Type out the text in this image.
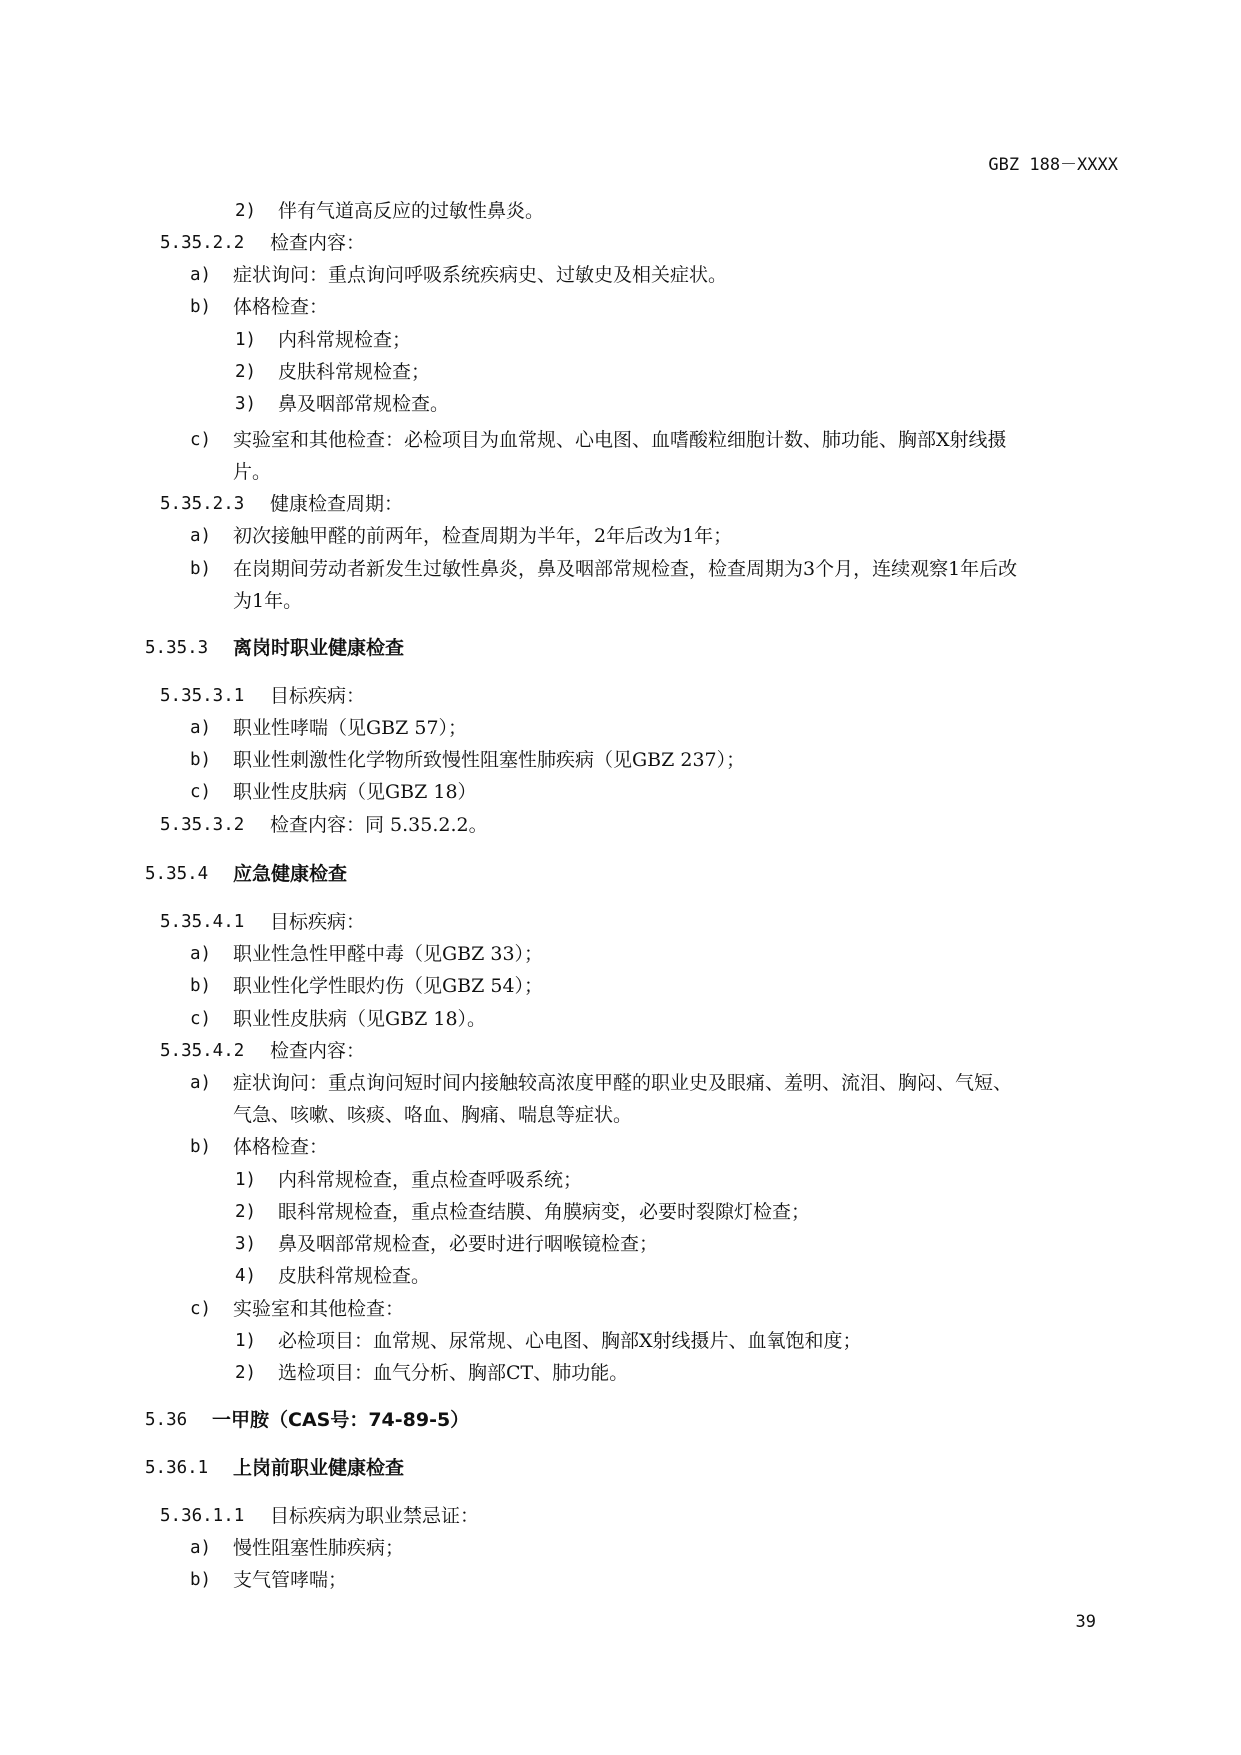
GBZ 188－XXXX
2) 伴有气道高反应的过敏性鼻炎。
5.35.2.2 检查内容：
a) 症状询问：重点询问呼吸系统疾病史、过敏史及相关症状。
b) 体格检查：
1) 内科常规检查；
2) 皮肤科常规检查；
3) 鼻及咽部常规检查。
c) 实验室和其他检查：必检项目为血常规、心电图、血嗜酸粒细胞计数、肺功能、胸部X射线摄
片。
5.35.2.3 健康检查周期：
a) 初次接触甲醛的前两年，检查周期为半年，2年后改为1年；
b) 在岗期间劳动者新发生过敏性鼻炎，鼻及咽部常规检查，检查周期为3个月，连续观察1年后改
为1年。
5.35.3 离岗时职业健康检查
5.35.3.1 目标疾病：
a) 职业性哮喘（见GBZ 57）；
b) 职业性刺激性化学物所致慢性阻塞性肺疾病（见GBZ 237）；
c) 职业性皮肤病（见GBZ 18）
5.35.3.2 检查内容：同 5.35.2.2。
5.35.4 应急健康检查
5.35.4.1 目标疾病：
a) 职业性急性甲醛中毒（见GBZ 33）；
b) 职业性化学性眼灼伤（见GBZ 54）；
c) 职业性皮肤病（见GBZ 18）。
5.35.4.2 检查内容：
a) 症状询问：重点询问短时间内接触较高浓度甲醛的职业史及眼痛、羞明、流泪、胸闷、气短、
气急、咳嗽、咳痰、咯血、胸痛、喘息等症状。
b) 体格检查：
1) 内科常规检查，重点检查呼吸系统；
2) 眼科常规检查，重点检查结膜、角膜病变，必要时裂隙灯检查；
3) 鼻及咽部常规检查，必要时进行咽喉镜检查；
4) 皮肤科常规检查。
c) 实验室和其他检查：
1) 必检项目：血常规、尿常规、心电图、胸部X射线摄片、血氧饱和度；
2) 选检项目：血气分析、胸部CT、肺功能。
5.36 一甲胺（CAS号：74-89-5）
5.36.1 上岗前职业健康检查
5.36.1.1 目标疾病为职业禁忌证：
a) 慢性阻塞性肺疾病；
b) 支气管哮喘；
39
